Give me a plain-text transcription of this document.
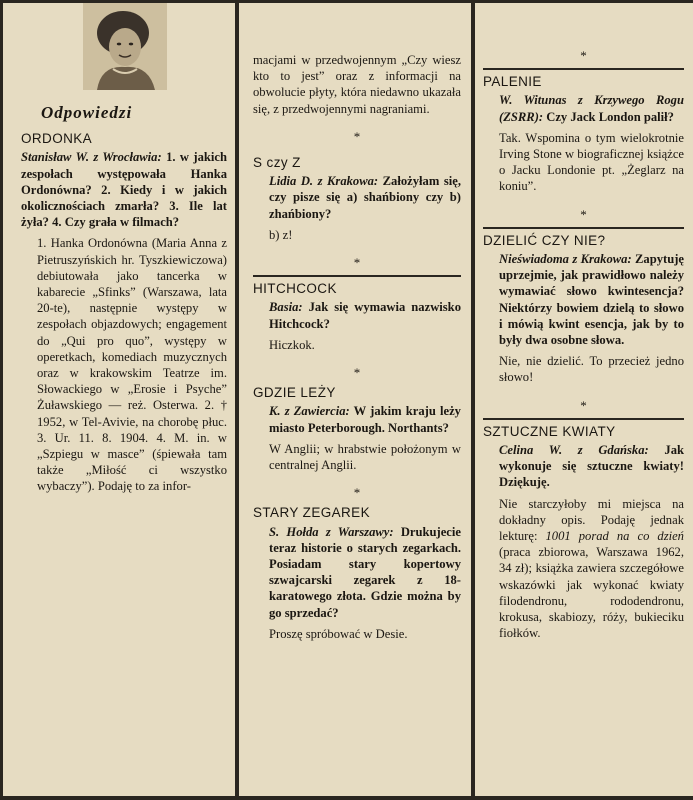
Odpowiedzi
ORDONKA
Stanisław W. z Wrocławia: 1. w jakich zespołach występowała Hanka Ordonówna? 2. Kiedy i w jakich okolicznościach zmarła? 3. Ile lat żyła? 4. Czy grała w filmach?
1. Hanka Ordonówna (Maria Anna z Pietruszyńskich hr. Tyszkiewiczowa) debiutowała jako tancerka w kabarecie „Sfinks” (Warszawa, lata 20-te), następnie występy w zespołach objazdowych; engagement do „Qui pro quo”, występy w operetkach, komediach muzycznych oraz w krakowskim Teatrze im. Słowackiego w „Erosie i Psyche” Żuławskiego — reż. Osterwa. 2. † 1952, w Tel-Avivie, na chorobę płuc. 3. Ur. 11. 8. 1904. 4. M. in. w „Szpiegu w masce” (śpiewała tam także „Miłość ci wszystko wybaczy”). Podaję to za infor-
macjami w przedwojennym „Czy wiesz kto to jest” oraz z informacji na obwolucie płyty, która niedawno ukazała się, z przedwojennymi nagraniami.
*
S czy Z
Lidia D. z Krakowa: Założyłam się, czy pisze się a) shańbiony czy b) zhańbiony?
b) z!
*
HITCHCOCK
Basia: Jak się wymawia nazwisko Hitchcock?
Hiczkok.
*
GDZIE LEŻY
K. z Zawiercia: W jakim kraju leży miasto Peterborough. Northants?
W Anglii; w hrabstwie położonym w centralnej Anglii.
*
STARY ZEGAREK
S. Hołda z Warszawy: Drukujecie teraz historie o starych zegarkach. Posiadam stary kopertowy szwajcarski zegarek z 18-karatowego złota. Gdzie można by go sprzedać?
Proszę spróbować w Desie.
*
PALENIE
W. Witunas z Krzywego Rogu (ZSRR): Czy Jack London palił?
Tak. Wspomina o tym wielokrotnie Irving Stone w biograficznej książce o Jacku Londonie pt. „Żeglarz na koniu”.
*
DZIELIĆ CZY NIE?
Nieświadoma z Krakowa: Zapytuję uprzejmie, jak prawidłowo należy wymawiać słowo kwintesencja? Niektórzy bowiem dzielą to słowo i mówią kwint esencja, jak by to były dwa osobne słowa.
Nie, nie dzielić. To przecież jedno słowo!
*
SZTUCZNE KWIATY
Celina W. z Gdańska: Jak wykonuje się sztuczne kwiaty! Dziękuję.
Nie starczyłoby mi miejsca na dokładny opis. Podaję jednak lekturę: 1001 porad na co dzień (praca zbiorowa, Warszawa 1962, 34 zł); książka zawiera szczegółowe wskazówki jak wykonać kwiaty filodendronu, rododendronu, krokusa, skabiozy, róży, bukieciku fiołków.
